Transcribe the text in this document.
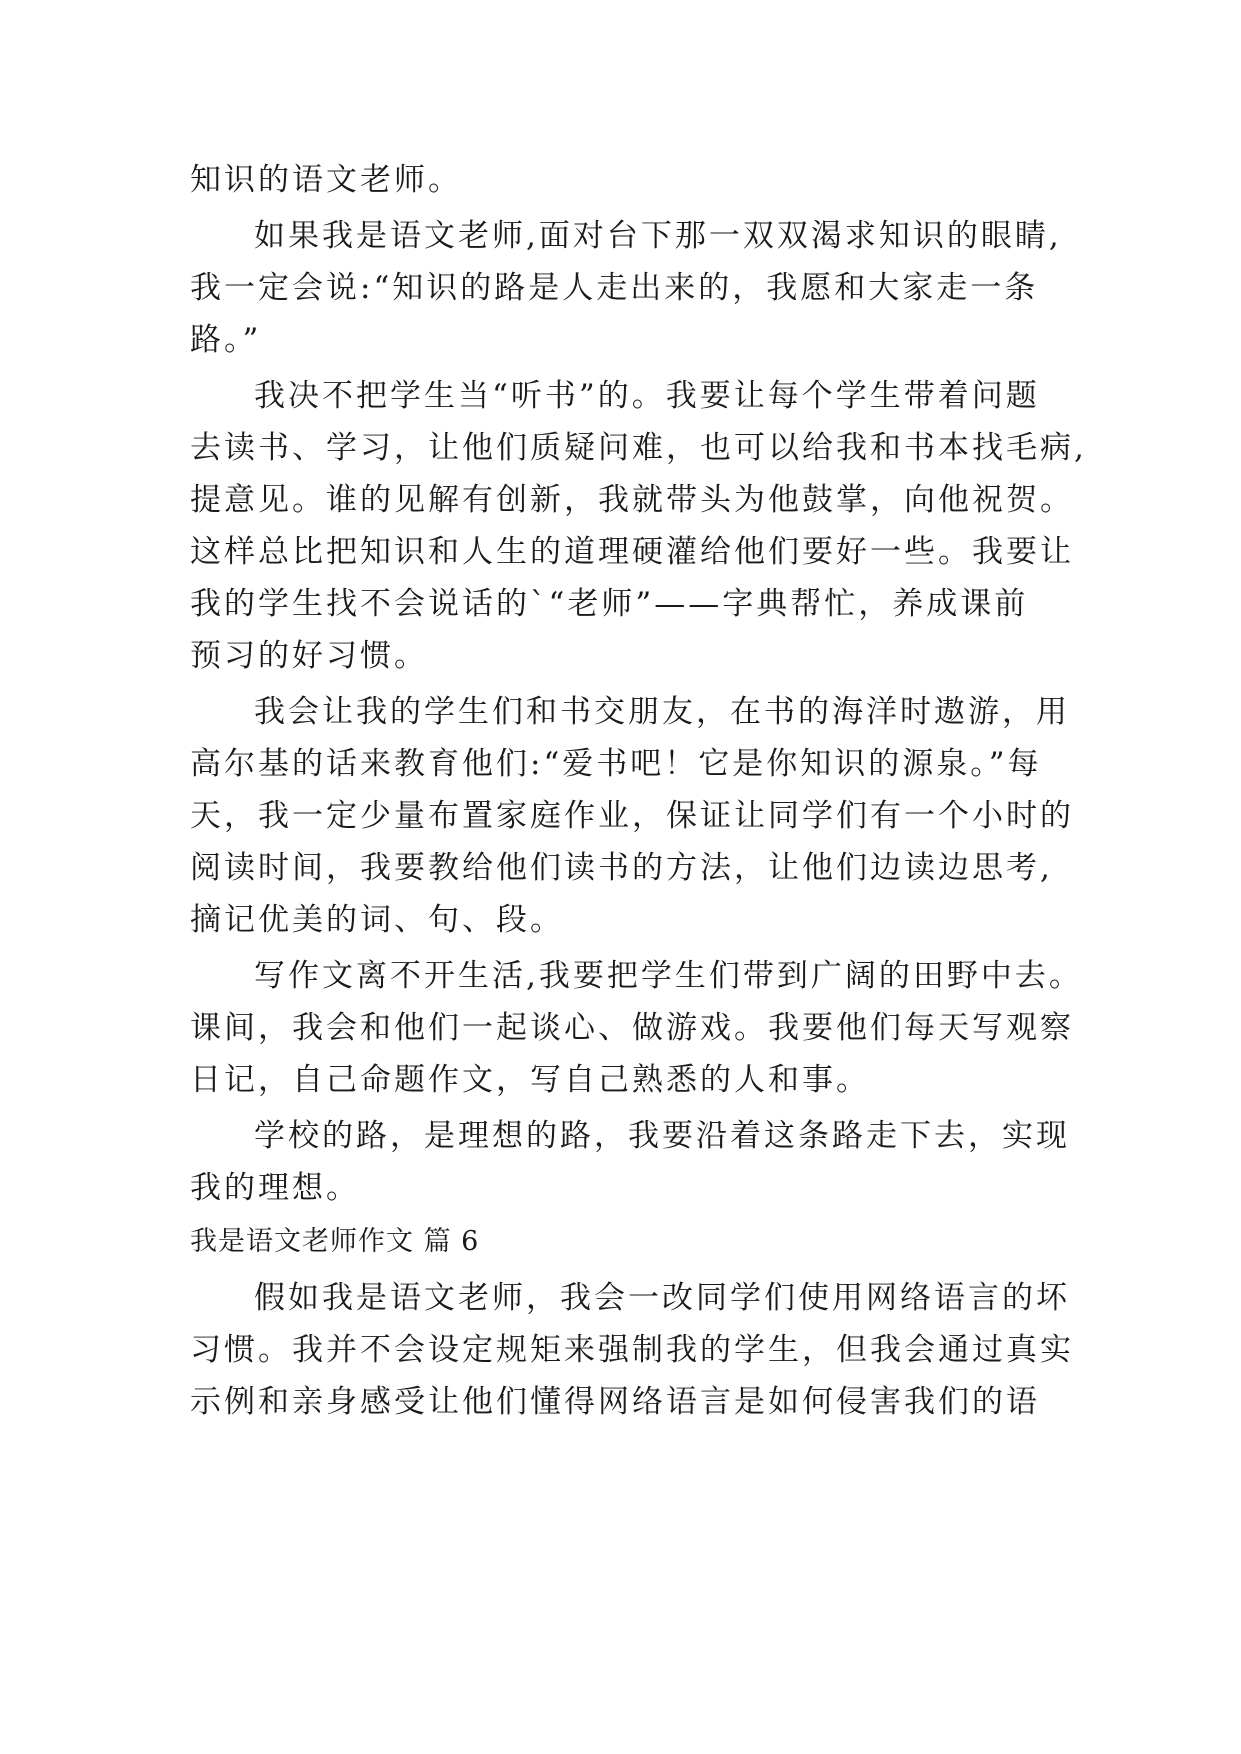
知识的语文老师。
如果我是语文老师,面对台下那一双双渴求知识的眼睛,
我一定会说:“知识的路是人走出来的，我愿和大家走一条
路。”
我决不把学生当“听书”的。我要让每个学生带着问题
去读书、学习，让他们质疑问难，也可以给我和书本找毛病,
提意见。谁的见解有创新，我就带头为他鼓掌，向他祝贺。
这样总比把知识和人生的道理硬灌给他们要好一些。我要让
我的学生找不会说话的`“老师”——字典帮忙，养成课前
预习的好习惯。
我会让我的学生们和书交朋友，在书的海洋时遨游，用
高尔基的话来教育他们:“爱书吧！它是你知识的源泉。”每
天，我一定少量布置家庭作业，保证让同学们有一个小时的
阅读时间，我要教给他们读书的方法，让他们边读边思考,
摘记优美的词、句、段。
写作文离不开生活,我要把学生们带到广阔的田野中去。
课间，我会和他们一起谈心、做游戏。我要他们每天写观察
日记，自己命题作文，写自己熟悉的人和事。
学校的路，是理想的路，我要沿着这条路走下去，实现
我的理想。
我是语文老师作文 篇 6
假如我是语文老师，我会一改同学们使用网络语言的坏
习惯。我并不会设定规矩来强制我的学生，但我会通过真实
示例和亲身感受让他们懂得网络语言是如何侵害我们的语
